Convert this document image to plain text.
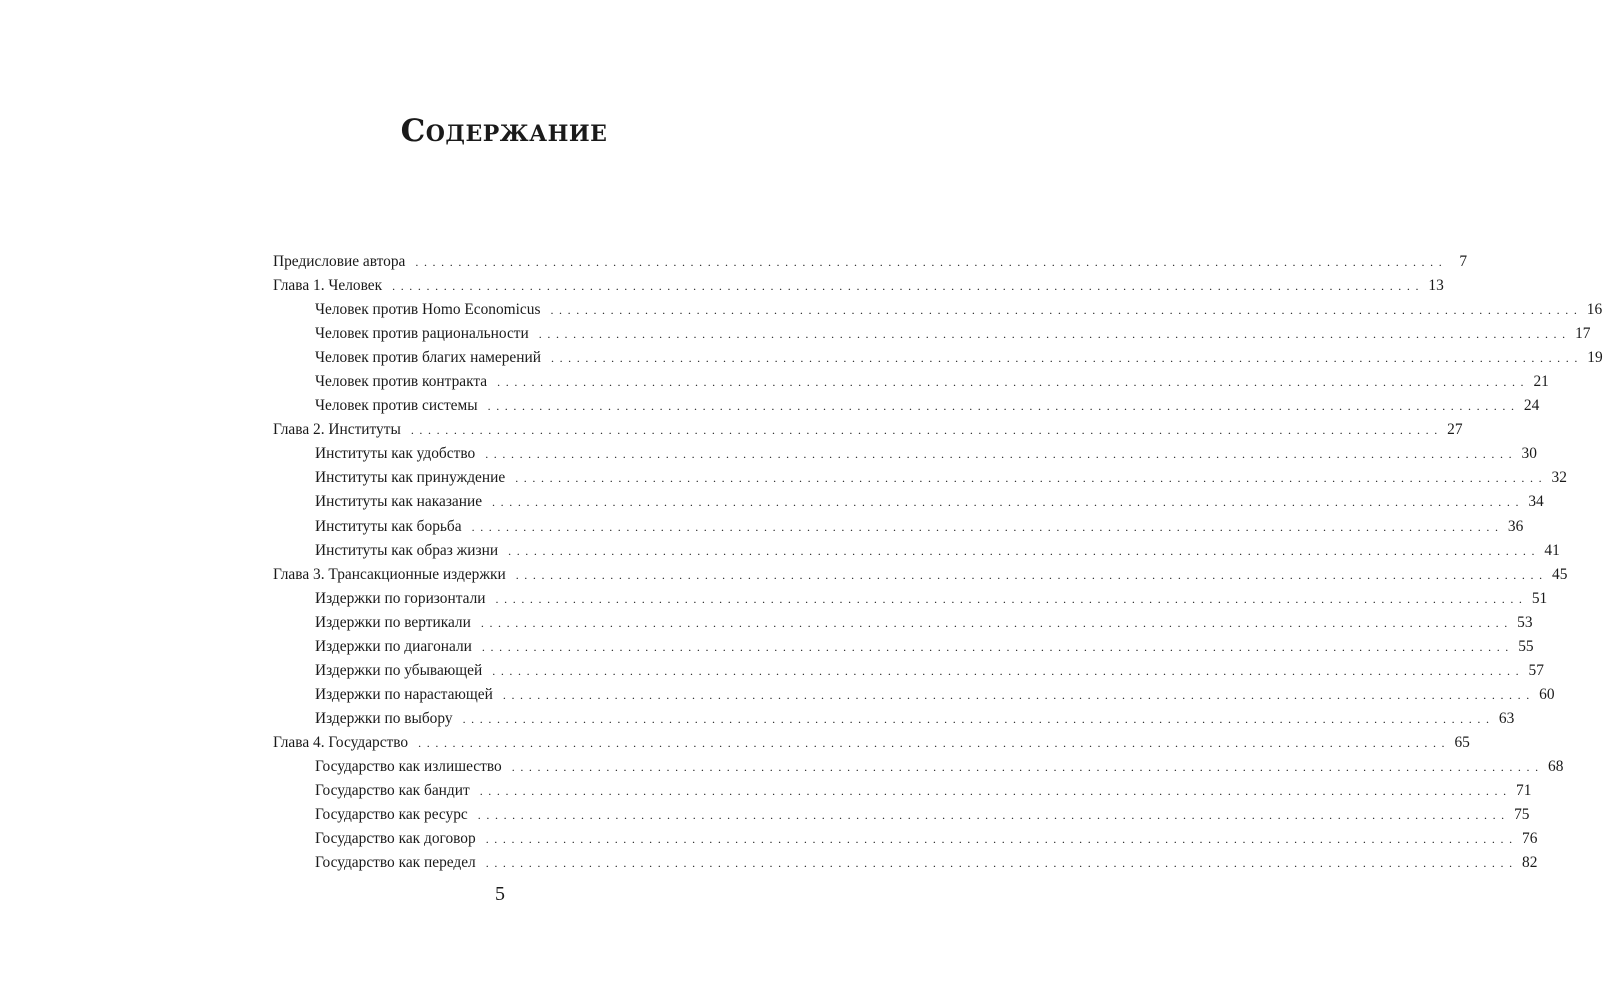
Содержание
Предисловие автора . . . . . . . . . . . . . . . . . . . . . . . . . . . . . . . . . . . . . . . . . . . . . . . . . . . . . . . . . . . . . . . . . . . . . . . . . . . . . . . . . . . . . . . . . . . . . . . . . . . . . . . . . . . . . . . . . . . . . . . .	7
Глава 1. Человек . . . . . . . . . . . . . . . . . . . . . . . . . . . . . . . . . . . . . . . . . . . . . . . . . . . . . . . . . . . . . . . . . . . . . . . . . . . . . . . . . . . . . . . . . . . . . . . . . . . . . . . . . . . . . . . . . . . . . . . . 13
Человек против Homo Economicus . . . . . . . . . . . . . . . . . . . . . . . . . . . . . . . . . . . . . . . . . . . . . . . . . . . . . . . . . . . . . . . . . . . . . . . . . . . . . . . . . . . . . . . . . . . . . . . . . . . . . . . . . . . . . . . . . . . . . . . . 16
Человек против рациональности . . . . . . . . . . . . . . . . . . . . . . . . . . . . . . . . . . . . . . . . . . . . . . . . . . . . . . . . . . . . . . . . . . . . . . . . . . . . . . . . . . . . . . . . . . . . . . . . . . . . . . . . . . . . . . . . . . . . . . . . 17
Человек против благих намерений . . . . . . . . . . . . . . . . . . . . . . . . . . . . . . . . . . . . . . . . . . . . . . . . . . . . . . . . . . . . . . . . . . . . . . . . . . . . . . . . . . . . . . . . . . . . . . . . . . . . . . . . . . . . . . . . . . . . . . . . 19
Человек против контракта . . . . . . . . . . . . . . . . . . . . . . . . . . . . . . . . . . . . . . . . . . . . . . . . . . . . . . . . . . . . . . . . . . . . . . . . . . . . . . . . . . . . . . . . . . . . . . . . . . . . . . . . . . . . . . . . . . . . . . . . 21
Человек против системы . . . . . . . . . . . . . . . . . . . . . . . . . . . . . . . . . . . . . . . . . . . . . . . . . . . . . . . . . . . . . . . . . . . . . . . . . . . . . . . . . . . . . . . . . . . . . . . . . . . . . . . . . . . . . . . . . . . . . . . . 24
Глава 2. Институты . . . . . . . . . . . . . . . . . . . . . . . . . . . . . . . . . . . . . . . . . . . . . . . . . . . . . . . . . . . . . . . . . . . . . . . . . . . . . . . . . . . . . . . . . . . . . . . . . . . . . . . . . . . . . . . . . . . . . . . . 27
Институты как удобство . . . . . . . . . . . . . . . . . . . . . . . . . . . . . . . . . . . . . . . . . . . . . . . . . . . . . . . . . . . . . . . . . . . . . . . . . . . . . . . . . . . . . . . . . . . . . . . . . . . . . . . . . . . . . . . . . . . . . . . . 30
Институты как принуждение . . . . . . . . . . . . . . . . . . . . . . . . . . . . . . . . . . . . . . . . . . . . . . . . . . . . . . . . . . . . . . . . . . . . . . . . . . . . . . . . . . . . . . . . . . . . . . . . . . . . . . . . . . . . . . . . . . . . . . . . 32
Институты как наказание . . . . . . . . . . . . . . . . . . . . . . . . . . . . . . . . . . . . . . . . . . . . . . . . . . . . . . . . . . . . . . . . . . . . . . . . . . . . . . . . . . . . . . . . . . . . . . . . . . . . . . . . . . . . . . . . . . . . . . . . 34
Институты как борьба . . . . . . . . . . . . . . . . . . . . . . . . . . . . . . . . . . . . . . . . . . . . . . . . . . . . . . . . . . . . . . . . . . . . . . . . . . . . . . . . . . . . . . . . . . . . . . . . . . . . . . . . . . . . . . . . . . . . . . . . 36
Институты как образ жизни . . . . . . . . . . . . . . . . . . . . . . . . . . . . . . . . . . . . . . . . . . . . . . . . . . . . . . . . . . . . . . . . . . . . . . . . . . . . . . . . . . . . . . . . . . . . . . . . . . . . . . . . . . . . . . . . . . . . . . . . 41
Глава 3. Трансакционные издержки . . . . . . . . . . . . . . . . . . . . . . . . . . . . . . . . . . . . . . . . . . . . . . . . . . . . . . . . . . . . . . . . . . . . . . . . . . . . . . . . . . . . . . . . . . . . . . . . . . . . . . . . . . . . . . . . . . . . . . . . 45
Издержки по горизонтали . . . . . . . . . . . . . . . . . . . . . . . . . . . . . . . . . . . . . . . . . . . . . . . . . . . . . . . . . . . . . . . . . . . . . . . . . . . . . . . . . . . . . . . . . . . . . . . . . . . . . . . . . . . . . . . . . . . . . . . . 51
Издержки по вертикали . . . . . . . . . . . . . . . . . . . . . . . . . . . . . . . . . . . . . . . . . . . . . . . . . . . . . . . . . . . . . . . . . . . . . . . . . . . . . . . . . . . . . . . . . . . . . . . . . . . . . . . . . . . . . . . . . . . . . . . . 53
Издержки по диагонали . . . . . . . . . . . . . . . . . . . . . . . . . . . . . . . . . . . . . . . . . . . . . . . . . . . . . . . . . . . . . . . . . . . . . . . . . . . . . . . . . . . . . . . . . . . . . . . . . . . . . . . . . . . . . . . . . . . . . . . . 55
Издержки по убывающей . . . . . . . . . . . . . . . . . . . . . . . . . . . . . . . . . . . . . . . . . . . . . . . . . . . . . . . . . . . . . . . . . . . . . . . . . . . . . . . . . . . . . . . . . . . . . . . . . . . . . . . . . . . . . . . . . . . . . . . . 57
Издержки по нарастающей . . . . . . . . . . . . . . . . . . . . . . . . . . . . . . . . . . . . . . . . . . . . . . . . . . . . . . . . . . . . . . . . . . . . . . . . . . . . . . . . . . . . . . . . . . . . . . . . . . . . . . . . . . . . . . . . . . . . . . . . 60
Издержки по выбору . . . . . . . . . . . . . . . . . . . . . . . . . . . . . . . . . . . . . . . . . . . . . . . . . . . . . . . . . . . . . . . . . . . . . . . . . . . . . . . . . . . . . . . . . . . . . . . . . . . . . . . . . . . . . . . . . . . . . . . . 63
Глава 4. Государство . . . . . . . . . . . . . . . . . . . . . . . . . . . . . . . . . . . . . . . . . . . . . . . . . . . . . . . . . . . . . . . . . . . . . . . . . . . . . . . . . . . . . . . . . . . . . . . . . . . . . . . . . . . . . . . . . . . . . . . . 65
Государство как излишество . . . . . . . . . . . . . . . . . . . . . . . . . . . . . . . . . . . . . . . . . . . . . . . . . . . . . . . . . . . . . . . . . . . . . . . . . . . . . . . . . . . . . . . . . . . . . . . . . . . . . . . . . . . . . . . . . . . . . . . . 68
Государство как бандит . . . . . . . . . . . . . . . . . . . . . . . . . . . . . . . . . . . . . . . . . . . . . . . . . . . . . . . . . . . . . . . . . . . . . . . . . . . . . . . . . . . . . . . . . . . . . . . . . . . . . . . . . . . . . . . . . . . . . . . . 71
Государство как ресурс . . . . . . . . . . . . . . . . . . . . . . . . . . . . . . . . . . . . . . . . . . . . . . . . . . . . . . . . . . . . . . . . . . . . . . . . . . . . . . . . . . . . . . . . . . . . . . . . . . . . . . . . . . . . . . . . . . . . . . . . 75
Государство как договор . . . . . . . . . . . . . . . . . . . . . . . . . . . . . . . . . . . . . . . . . . . . . . . . . . . . . . . . . . . . . . . . . . . . . . . . . . . . . . . . . . . . . . . . . . . . . . . . . . . . . . . . . . . . . . . . . . . . . . . . 76
Государство как передел . . . . . . . . . . . . . . . . . . . . . . . . . . . . . . . . . . . . . . . . . . . . . . . . . . . . . . . . . . . . . . . . . . . . . . . . . . . . . . . . . . . . . . . . . . . . . . . . . . . . . . . . . . . . . . . . . . . . . . . . 82
5
